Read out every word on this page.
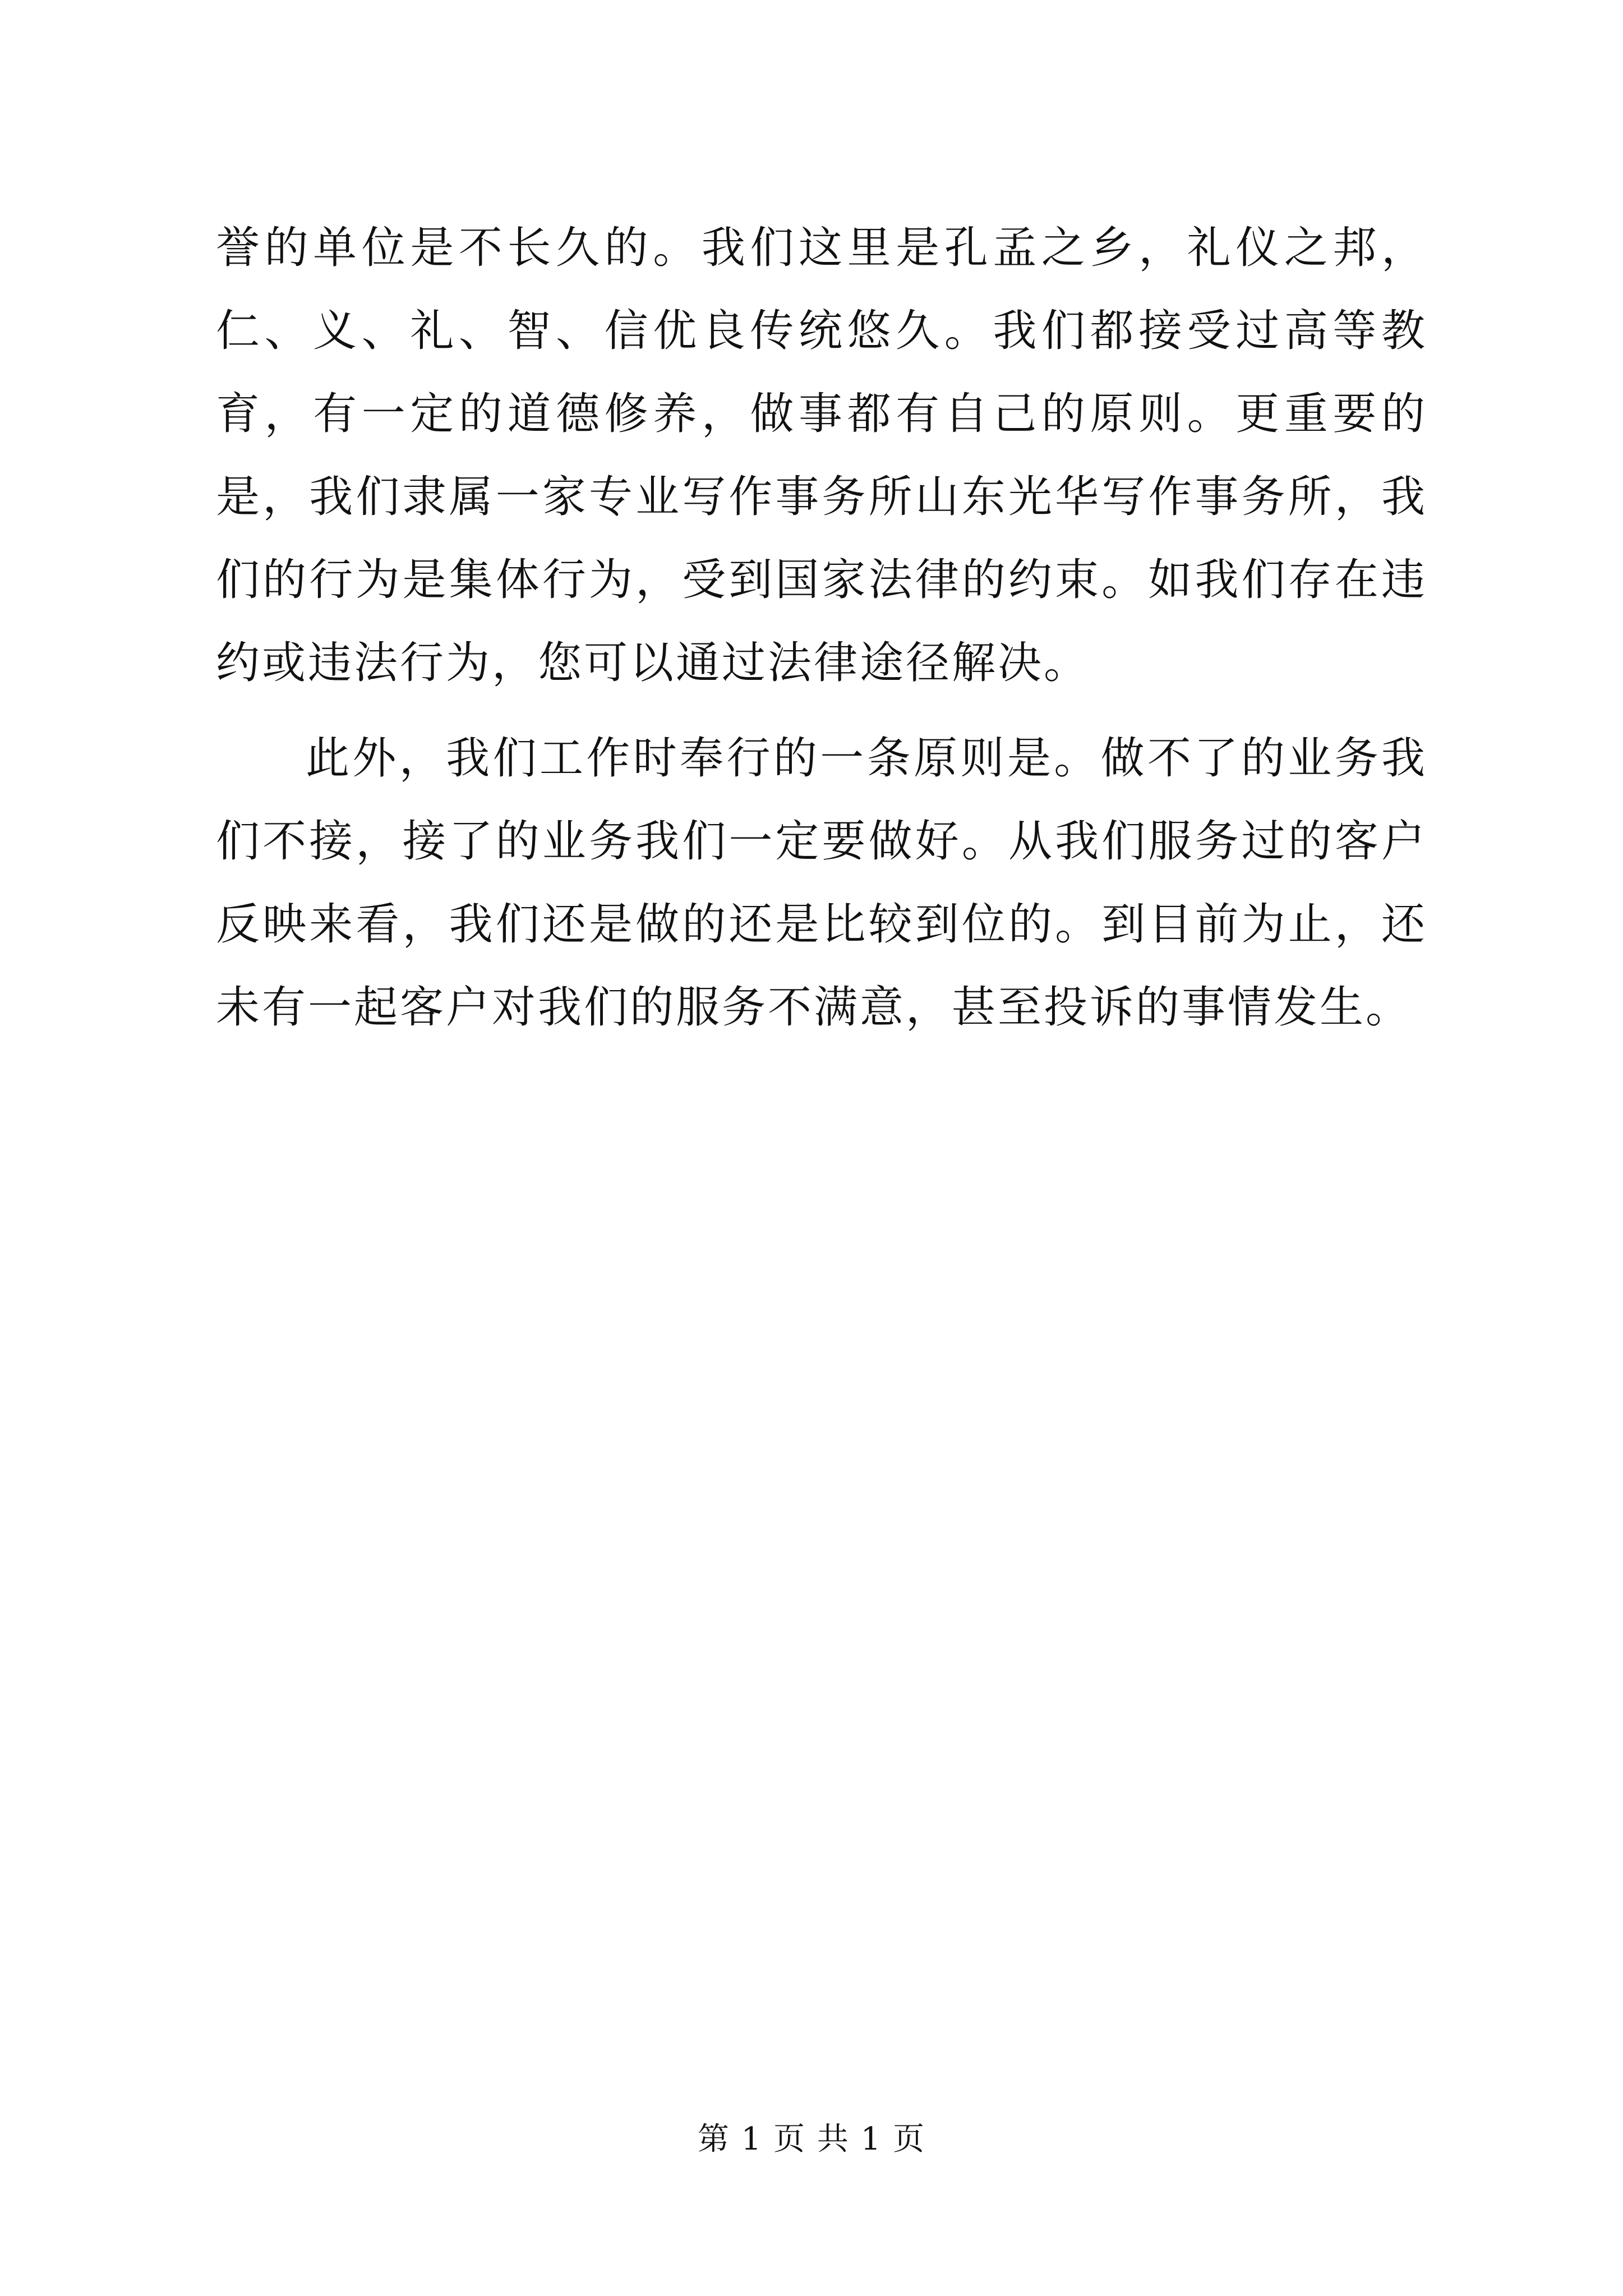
誉的单位是不长久的。我们这里是孔孟之乡，礼仪之邦，仁、义、礼、智、信优良传统悠久。我们都接受过高等教育，有一定的道德修养，做事都有自己的原则。更重要的是，我们隶属一家专业写作事务所山东光华写作事务所，我们的行为是集体行为，受到国家法律的约束。如我们存在违约或违法行为，您可以通过法律途径解决。

此外，我们工作时奉行的一条原则是。做不了的业务我们不接，接了的业务我们一定要做好。从我们服务过的客户反映来看，我们还是做的还是比较到位的。到目前为止，还未有一起客户对我们的服务不满意，甚至投诉的事情发生。

第 1 页 共 1 页
